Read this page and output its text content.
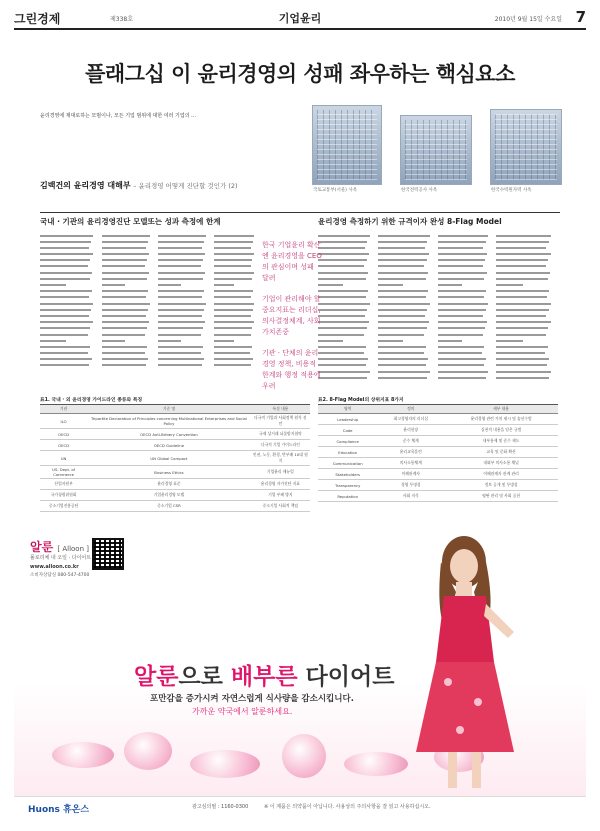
그린경제	제338호	기업윤리	2010년 9월 15일 수요일 7
플래그십 이 윤리경영의 성패 좌우하는 핵심요소

윤리경영에 제대로하는 모범이나, 모든 기업 범위에 대한 여러 기업의 ...

김백건의 윤리경영 대해부 – 윤리경영 어떻게 진단할 것인가 (2)
국토교통부(서울) 사옥	한국전력공사 사옥	한국수력원자력 사옥
국내 · 기관의 윤리경영진단 모델또는 성과 측정에 한계	윤리경영 측정하기 위한 규격이자 완성 8-Flag Model

한국 기업윤리 확산엔 윤리경영을 CEO의 관심이며 성패 달려

기업이 관리해야 할 중요지표는 리더십, 의사결정체계, 사회가치존중

기관 · 단체의 윤리경영 정책, 비용적 한계와 행정 적용에 우려

표1. 국내 · 외 윤리경영 가이드라인 종류와 특징
기관	기준 명	특징 내용
ILO	Tripartite Declaration of Principles concerning Multinational Enterprises and Social Policy	다국적 기업과 사회정책 원칙 선언
OECD	OECD Anti-Bribery Convention	국제 상거래 뇌물방지협약
OECD	OECD Guideline	다국적 기업 가이드라인
UN	UN Global Compact	인권, 노동, 환경, 반부패 10대 원칙
US. Dept. of Commerce	Business Ethics	기업윤리 매뉴얼
산업자원부	윤리경영 표준	윤리경영 자가진단 지표
국가청렴위원회	기업윤리경영 모델	기업 부패 방지
중소기업진흥공단	중소기업 CSR	중소기업 사회적 책임
표2. 8-Flag Model의 상위지표 8가지
영역	정의	세부 내용
Leadership	최고경영자의 리더십	윤리경영 관련 가치 제시 및 솔선수범
Code	윤리헌장	실천적 내용을 담은 규범
Compliance	준수 체계	내부통제 및 준수 제도
Education	윤리교육훈련	교육 및 문화 확산
Communication	의사소통체계	내외부 의사소통 채널
Stakeholders	이해관계자	이해관계자 관계 관리
Transparency	경영 투명성	정보 공개 및 투명성
Reputation	사회 지식	평판 관리 및 사회 공헌
알룬 [ Alloon ]
폴로리체 내 오일 · 다이어트
www.alloon.co.kr
소비자상담실 080-547-4700
알룬으로 배부른 다이어트
포만감을 증가시켜 자연스럽게 식사량을 감소시킵니다.
가까운 약국에서 알룬하세요.
Huons 휴온스	광고심의필 : 1160-0300	※ 이 제품은 의약품이 아닙니다. 사용상의 주의사항을 잘 읽고 사용하십시오.
